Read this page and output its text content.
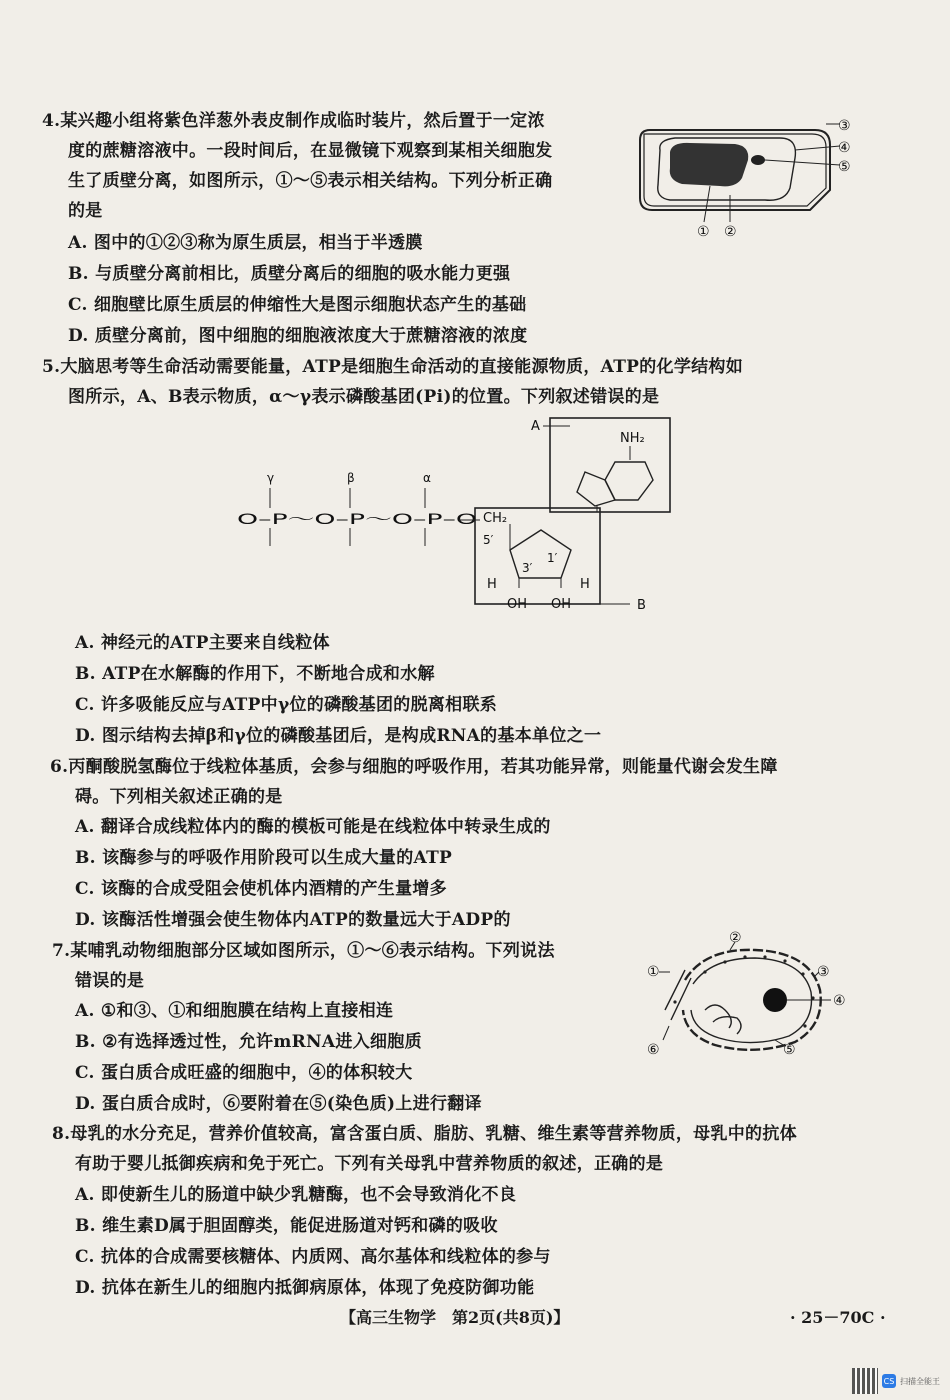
4.某兴趣小组将紫色洋葱外表皮制作成临时装片，然后置于一定浓
度的蔗糖溶液中。一段时间后，在显微镜下观察到某相关细胞发
生了质壁分离，如图所示，①～⑤表示相关结构。下列分析正确
的是
A. 图中的①②③称为原生质层，相当于半透膜
B. 与质壁分离前相比，质壁分离后的细胞的吸水能力更强
C. 细胞壁比原生质层的伸缩性大是图示细胞状态产生的基础
D. 质壁分离前，图中细胞的细胞液浓度大于蔗糖溶液的浓度
③
④
⑤
① ②
5.大脑思考等生命活动需要能量，ATP是细胞生命活动的直接能源物质，ATP的化学结构如
图所示，A、B表示物质，α～γ表示磷酸基团(Pi)的位置。下列叙述错误的是
A
NH₂
B
CH₂
5′
3′
1′
H	H
OH OH
γ	β	α
O–P～O–P～O–P–O
A. 神经元的ATP主要来自线粒体
B. ATP在水解酶的作用下，不断地合成和水解
C. 许多吸能反应与ATP中γ位的磷酸基团的脱离相联系
D. 图示结构去掉β和γ位的磷酸基团后，是构成RNA的基本单位之一
6.丙酮酸脱氢酶位于线粒体基质，会参与细胞的呼吸作用，若其功能异常，则能量代谢会发生障
碍。下列相关叙述正确的是
A. 翻译合成线粒体内的酶的模板可能是在线粒体中转录生成的
B. 该酶参与的呼吸作用阶段可以生成大量的ATP
C. 该酶的合成受阻会使机体内酒精的产生量增多
D. 该酶活性增强会使生物体内ATP的数量远大于ADP的
7.某哺乳动物细胞部分区域如图所示，①～⑥表示结构。下列说法
错误的是
A. ①和③、①和细胞膜在结构上直接相连
B. ②有选择透过性，允许mRNA进入细胞质
C. 蛋白质合成旺盛的细胞中，④的体积较大
D. 蛋白质合成时，⑥要附着在⑤(染色质)上进行翻译
②
①	③
④
⑥	⑤
8.母乳的水分充足，营养价值较高，富含蛋白质、脂肪、乳糖、维生素等营养物质，母乳中的抗体
有助于婴儿抵御疾病和免于死亡。下列有关母乳中营养物质的叙述，正确的是
A. 即使新生儿的肠道中缺少乳糖酶，也不会导致消化不良
B. 维生素D属于胆固醇类，能促进肠道对钙和磷的吸收
C. 抗体的合成需要核糖体、内质网、高尔基体和线粒体的参与
D. 抗体在新生儿的细胞内抵御病原体，体现了免疫防御功能
【高三生物学　第2页(共8页)】	· 25－70C ·
CS 扫描全能王
